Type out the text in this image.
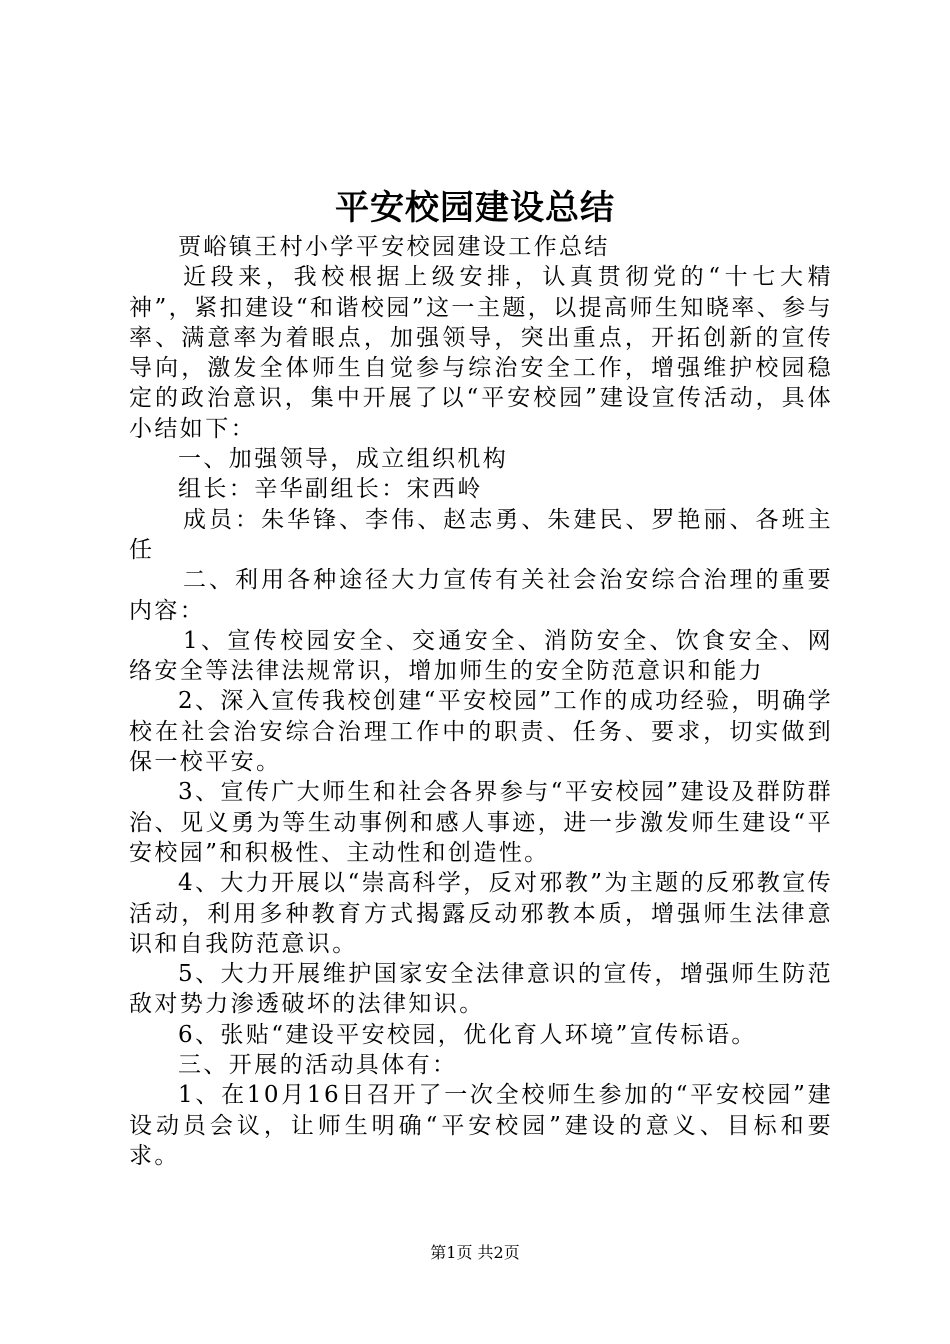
平安校园建设总结

贾峪镇王村小学平安校园建设工作总结

近段来，我校根据上级安排，认真贯彻党的“十七大精神”，紧扣建设“和谐校园”这一主题，以提高师生知晓率、参与率、满意率为着眼点，加强领导，突出重点，开拓创新的宣传导向，激发全体师生自觉参与综治安全工作，增强维护校园稳定的政治意识，集中开展了以“平安校园”建设宣传活动，具体小结如下：

一、加强领导，成立组织机构

组长：辛华副组长：宋西岭

成员：朱华锋、李伟、赵志勇、朱建民、罗艳丽、各班主任

二、利用各种途径大力宣传有关社会治安综合治理的重要内容：

1、宣传校园安全、交通安全、消防安全、饮食安全、网络安全等法律法规常识，增加师生的安全防范意识和能力

2、深入宣传我校创建“平安校园”工作的成功经验，明确学校在社会治安综合治理工作中的职责、任务、要求，切实做到保一校平安。

3、宣传广大师生和社会各界参与“平安校园”建设及群防群治、见义勇为等生动事例和感人事迹，进一步激发师生建设“平安校园”和积极性、主动性和创造性。

4、大力开展以“崇高科学，反对邪教”为主题的反邪教宣传活动，利用多种教育方式揭露反动邪教本质，增强师生法律意识和自我防范意识。

5、大力开展维护国家安全法律意识的宣传，增强师生防范敌对势力渗透破坏的法律知识。

6、张贴“建设平安校园，优化育人环境”宣传标语。

三、开展的活动具体有：

1、在10月16日召开了一次全校师生参加的“平安校园”建设动员会议，让师生明确“平安校园”建设的意义、目标和要求。

第1页 共2页
